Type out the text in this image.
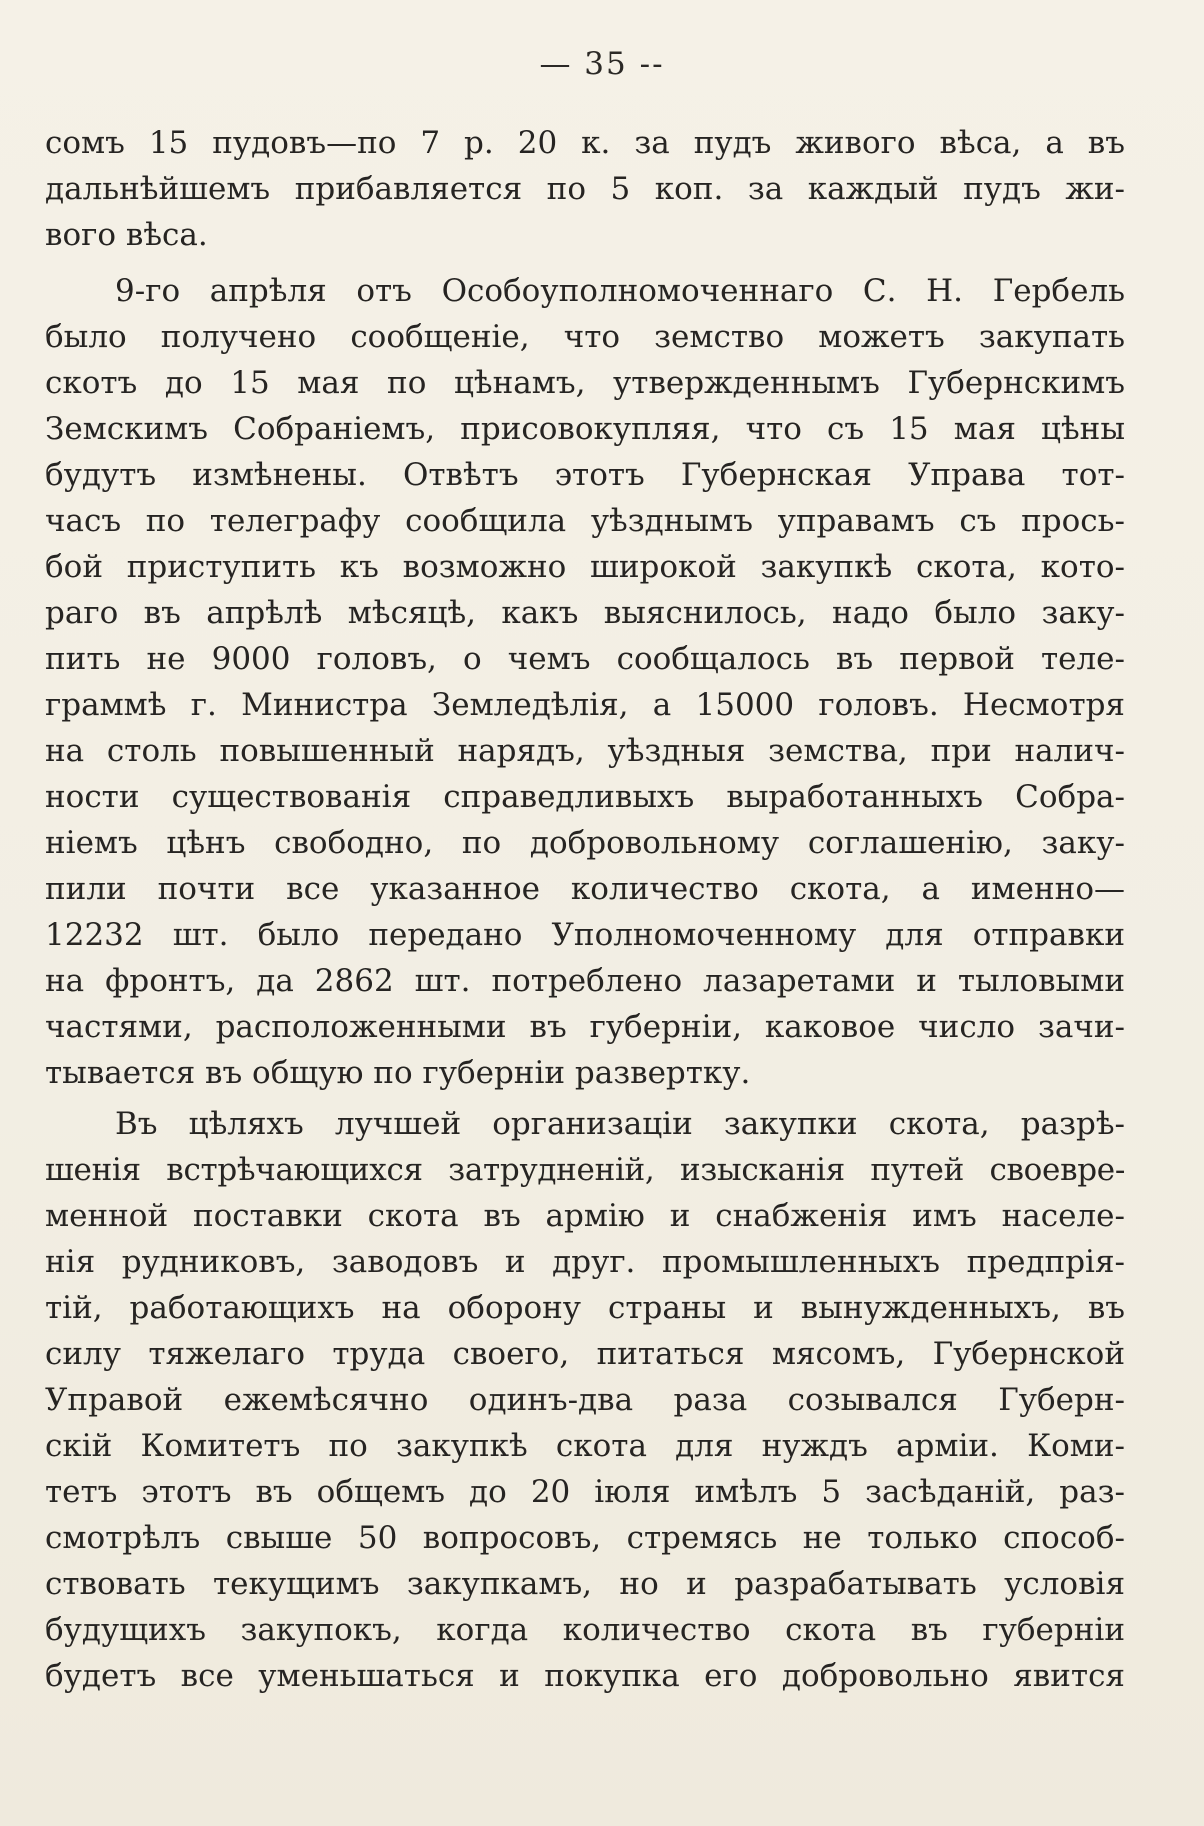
— 35 --
сомъ 15 пудовъ—по 7 р. 20 к. за пудъ живого вѣса, а въ
дальнѣйшемъ прибавляется по 5 коп. за каждый пудъ жи-
вого вѣса.
9-го апрѣля отъ Особоуполномоченнаго С. Н. Гербель
было получено сообщеніе, что земство можетъ закупать
скотъ до 15 мая по цѣнамъ, утвержденнымъ Губернскимъ
Земскимъ Собраніемъ, присовокупляя, что съ 15 мая цѣны
будутъ измѣнены. Отвѣтъ этотъ Губернская Управа тот-
часъ по телеграфу сообщила уѣзднымъ управамъ съ прось-
бой приступить къ возможно широкой закупкѣ скота, кото-
раго въ апрѣлѣ мѣсяцѣ, какъ выяснилось, надо было заку-
пить не 9000 головъ, о чемъ сообщалось въ первой теле-
граммѣ г. Министра Земледѣлія, а 15000 головъ. Несмотря
на столь повышенный нарядъ, уѣздныя земства, при налич-
ности существованія справедливыхъ выработанныхъ Собра-
ніемъ цѣнъ свободно, по добровольному соглашенію, заку-
пили почти все указанное количество скота, а именно—
12232 шт. было передано Уполномоченному для отправки
на фронтъ, да 2862 шт. потреблено лазаретами и тыловыми
частями, расположенными въ губерніи, каковое число зачи-
тывается въ общую по губерніи развертку.
Въ цѣляхъ лучшей организаціи закупки скота, разрѣ-
шенія встрѣчающихся затрудненій, изысканія путей своевре-
менной поставки скота въ армію и снабженія имъ населе-
нія рудниковъ, заводовъ и друг. промышленныхъ предпрія-
тій, работающихъ на оборону страны и вынужденныхъ, въ
силу тяжелаго труда своего, питаться мясомъ, Губернской
Управой ежемѣсячно одинъ-два раза созывался Губерн-
скій Комитетъ по закупкѣ скота для нуждъ арміи. Коми-
тетъ этотъ въ общемъ до 20 іюля имѣлъ 5 засѣданій, раз-
смотрѣлъ свыше 50 вопросовъ, стремясь не только способ-
ствовать текущимъ закупкамъ, но и разрабатывать условія
будущихъ закупокъ, когда количество скота въ губерніи
будетъ все уменьшаться и покупка его добровольно явится
